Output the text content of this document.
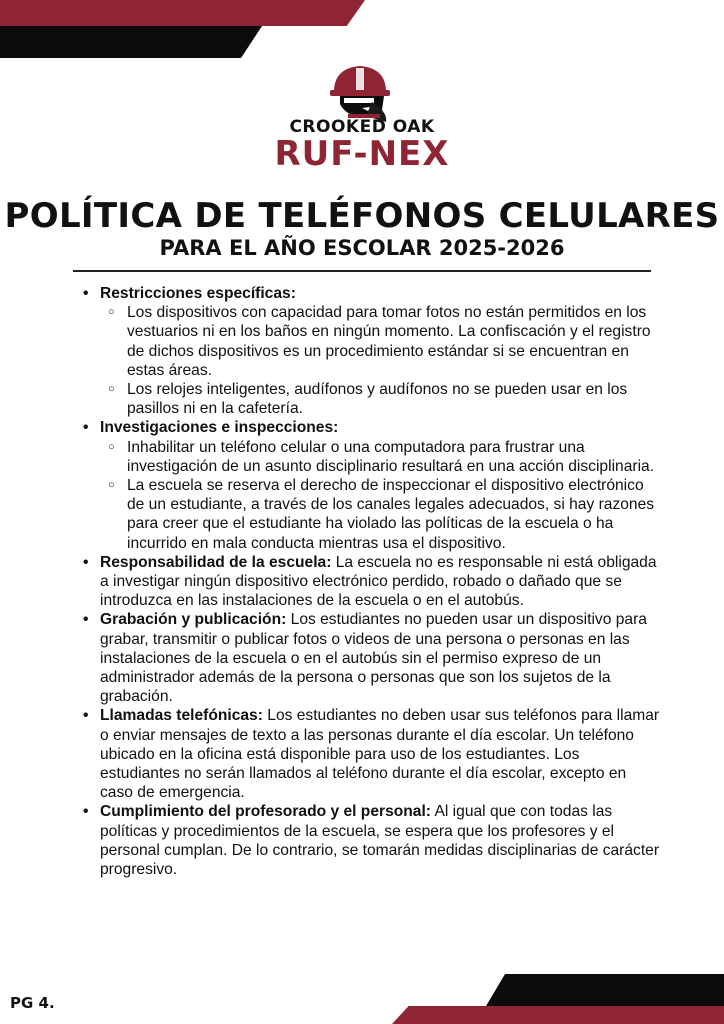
CROOKED OAK
RUF-NEX
POLÍTICA DE TELÉFONOS CELULARES
PARA EL AÑO ESCOLAR 2025-2026
• Restricciones específicas:
○ Los dispositivos con capacidad para tomar fotos no están permitidos en los vestuarios ni en los baños en ningún momento. La confiscación y el registro de dichos dispositivos es un procedimiento estándar si se encuentran en estas áreas.
○ Los relojes inteligentes, audífonos y audífonos no se pueden usar en los pasillos ni en la cafetería.
• Investigaciones e inspecciones:
○ Inhabilitar un teléfono celular o una computadora para frustrar una investigación de un asunto disciplinario resultará en una acción disciplinaria.
○ La escuela se reserva el derecho de inspeccionar el dispositivo electrónico de un estudiante, a través de los canales legales adecuados, si hay razones para creer que el estudiante ha violado las políticas de la escuela o ha incurrido en mala conducta mientras usa el dispositivo.
• Responsabilidad de la escuela: La escuela no es responsable ni está obligada a investigar ningún dispositivo electrónico perdido, robado o dañado que se introduzca en las instalaciones de la escuela o en el autobús.
• Grabación y publicación: Los estudiantes no pueden usar un dispositivo para grabar, transmitir o publicar fotos o videos de una persona o personas en las instalaciones de la escuela o en el autobús sin el permiso expreso de un administrador además de la persona o personas que son los sujetos de la grabación.
• Llamadas telefónicas: Los estudiantes no deben usar sus teléfonos para llamar o enviar mensajes de texto a las personas durante el día escolar. Un teléfono ubicado en la oficina está disponible para uso de los estudiantes. Los estudiantes no serán llamados al teléfono durante el día escolar, excepto en caso de emergencia.
• Cumplimiento del profesorado y el personal: Al igual que con todas las políticas y procedimientos de la escuela, se espera que los profesores y el personal cumplan. De lo contrario, se tomarán medidas disciplinarias de carácter progresivo.
PG 4.
